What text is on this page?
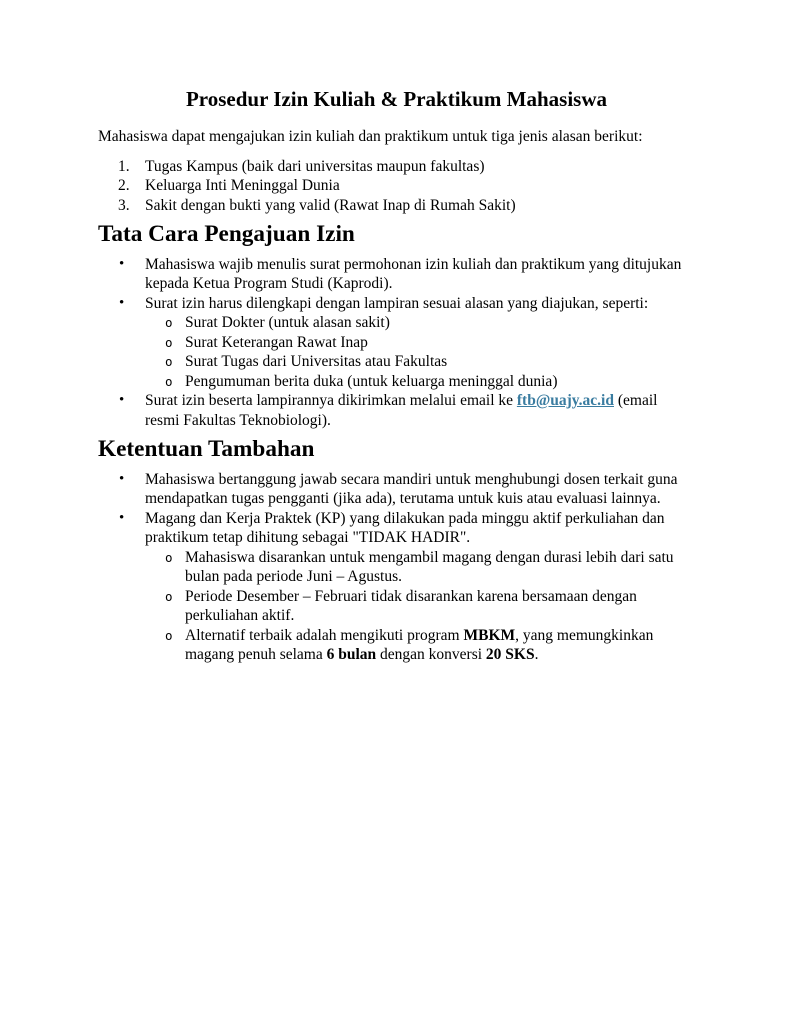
Prosedur Izin Kuliah & Praktikum Mahasiswa

Mahasiswa dapat mengajukan izin kuliah dan praktikum untuk tiga jenis alasan berikut:

1. Tugas Kampus (baik dari universitas maupun fakultas)
2. Keluarga Inti Meninggal Dunia
3. Sakit dengan bukti yang valid (Rawat Inap di Rumah Sakit)
Tata Cara Pengajuan Izin
•	Mahasiswa wajib menulis surat permohonan izin kuliah dan praktikum yang ditujukan kepada Ketua Program Studi (Kaprodi).
•	Surat izin harus dilengkapi dengan lampiran sesuai alasan yang diajukan, seperti:
o Surat Dokter (untuk alasan sakit)
o Surat Keterangan Rawat Inap
o Surat Tugas dari Universitas atau Fakultas
o Pengumuman berita duka (untuk keluarga meninggal dunia)
•	Surat izin beserta lampirannya dikirimkan melalui email ke ftb@uajy.ac.id (email resmi Fakultas Teknobiologi).
Ketentuan Tambahan
•	Mahasiswa bertanggung jawab secara mandiri untuk menghubungi dosen terkait guna mendapatkan tugas pengganti (jika ada), terutama untuk kuis atau evaluasi lainnya.
•	Magang dan Kerja Praktek (KP) yang dilakukan pada minggu aktif perkuliahan dan praktikum tetap dihitung sebagai "TIDAK HADIR".
o Mahasiswa disarankan untuk mengambil magang dengan durasi lebih dari satu bulan pada periode Juni – Agustus.
o Periode Desember – Februari tidak disarankan karena bersamaan dengan perkuliahan aktif.
o Alternatif terbaik adalah mengikuti program MBKM, yang memungkinkan magang penuh selama 6 bulan dengan konversi 20 SKS.
